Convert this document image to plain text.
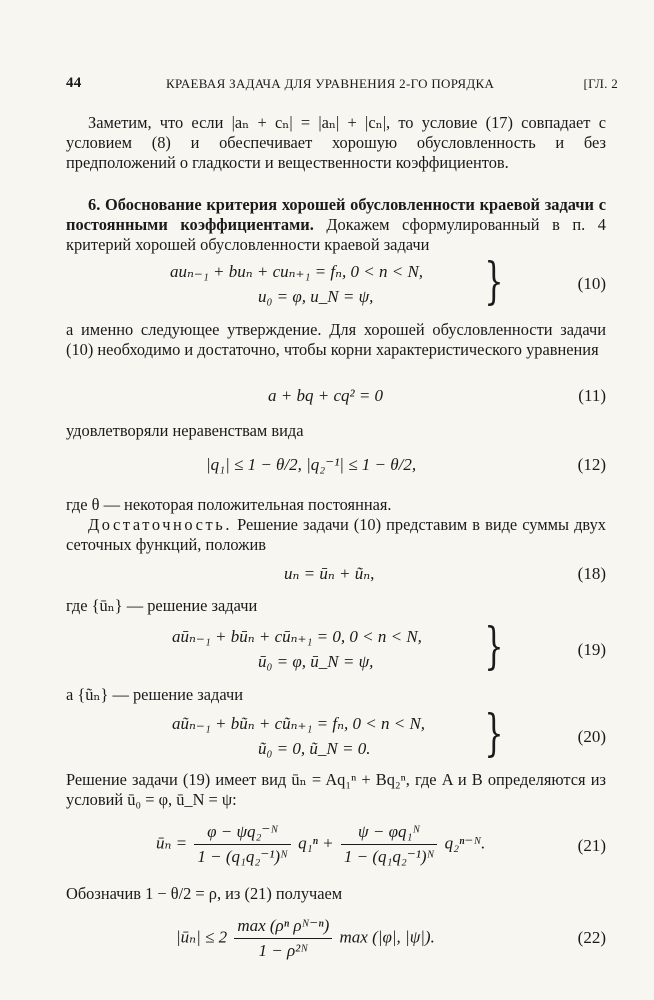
44	КРАЕВАЯ ЗАДАЧА ДЛЯ УРАВНЕНИЯ 2-ГО ПОРЯДКА	[ГЛ. 2

Заметим, что если |aₙ + cₙ| = |aₙ| + |cₙ|, то условие (17) совпадает с условием (8) и обеспечивает хорошую обусловленность и без предположений о гладкости и вещественности коэффициентов.

6. Обоснование критерия хорошей обусловленности краевой задачи с постоянными коэффициентами. Докажем сформулированный в п. 4 критерий хорошей обусловленности краевой задачи

auₙ₋₁ + buₙ + cuₙ₊₁ = fₙ, 0 < n < N,
u₀ = φ, u_N = ψ, }	(10)

а именно следующее утверждение. Для хорошей обусловленности задачи (10) необходимо и достаточно, чтобы корни характеристического уравнения

a + bq + cq² = 0	(11)

удовлетворяли неравенствам вида

|q₁| ≤ 1 − θ/2, |q₂⁻¹| ≤ 1 − θ/2,	(12)

где θ — некоторая положительная постоянная.

Достаточность. Решение задачи (10) представим в виде суммы двух сеточных функций, положив

uₙ = ūₙ + ũₙ,	(18)

где {ūₙ} — решение задачи

aūₙ₋₁ + būₙ + cūₙ₊₁ = 0, 0 < n < N,
ū₀ = φ, ū_N = ψ, }	(19)

а {ũₙ} — решение задачи

aũₙ₋₁ + bũₙ + cũₙ₊₁ = fₙ, 0 < n < N,
ũ₀ = 0, ũ_N = 0. }	(20)

Решение задачи (19) имеет вид ūₙ = Aq₁ⁿ + Bq₂ⁿ, где A и B определяются из условий ū₀ = φ, ū_N = ψ:

ūₙ = $\frac{\text{φ − ψq₂⁻ᴺ}}{\text{1 − (q₁q₂⁻¹)ᴺ}} q_1^n + \frac{\text{ψ − φq₁ᴺ}}{\text{1 − (q₁q₂⁻¹)ᴺ}}$ q₂ⁿ⁻ᴺ.	(21)

Обозначив 1 − θ/2 = ρ, из (21) получаем

|ūₙ| ≤ $2 \frac{\text{max (ρⁿ ρᴺ⁻ⁿ)}}{\text{1 − ρ²ᴺ}}$ max (|φ|, |ψ|).	(22)
